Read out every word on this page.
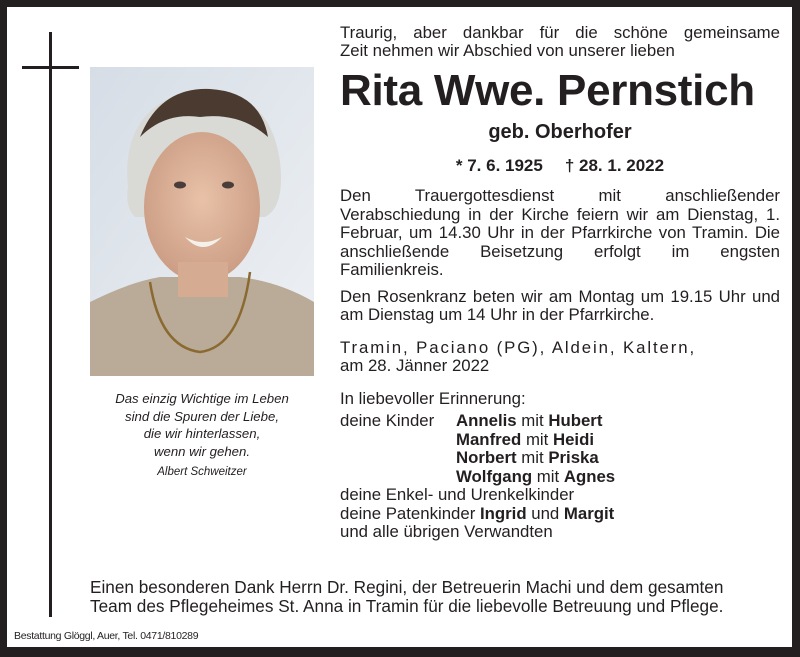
Das einzig Wichtige im Leben
sind die Spuren der Liebe,
die wir hinterlassen,
wenn wir gehen.
Albert Schweitzer

Traurig, aber dankbar für die schöne gemeinsame
Zeit nehmen wir Abschied von unserer lieben

Rita Wwe. Pernstich
geb. Oberhofer
* 7. 6. 1925 † 28. 1. 2022
Den Trauergottesdienst mit anschließender Verabschiedung in der Kirche feiern wir am Dienstag, 1. Februar, um 14.30 Uhr in der Pfarrkirche von Tramin. Die anschließende Beisetzung erfolgt im engsten Familienkreis.
Den Rosenkranz beten wir am Montag um 19.15 Uhr und am Dienstag um 14 Uhr in der Pfarrkirche.
Tramin, Paciano (PG), Aldein, Kaltern,
am 28. Jänner 2022
In liebevoller Erinnerung:
deine Kinder	Annelis mit Hubert
Manfred mit Heidi
Norbert mit Priska
Wolfgang mit Agnes
deine Enkel- und Urenkelkinder
deine Patenkinder Ingrid und Margit
und alle übrigen Verwandten
Einen besonderen Dank Herrn Dr. Regini, der Betreuerin Machi und dem gesamten
Team des Pflegeheimes St. Anna in Tramin für die liebevolle Betreuung und Pflege.
Bestattung Glöggl, Auer, Tel. 0471/810289
